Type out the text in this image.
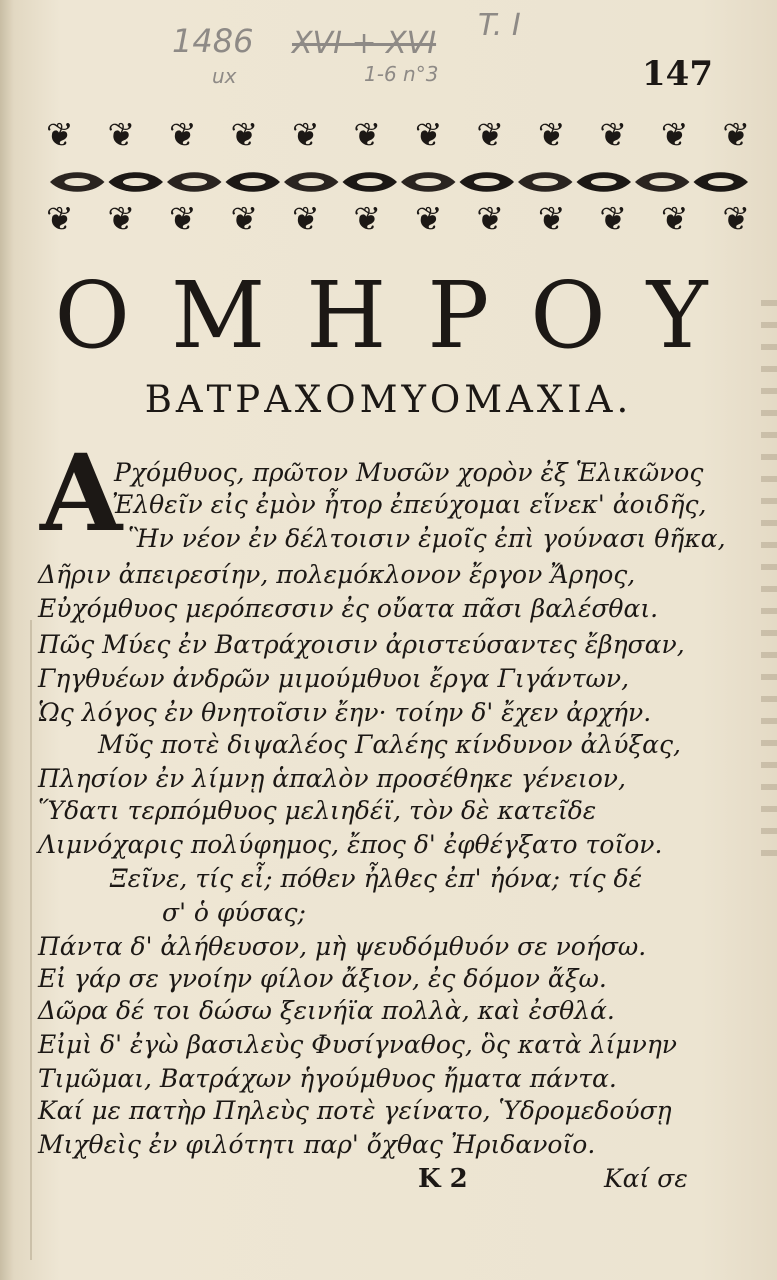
1486
ux
XVI + XVI
1-6 n°3
T. I
147
❦ ❦ ❦ ❦ ❦ ❦ ❦ ❦ ❦ ❦ ❦ ❦
❦ ❦ ❦ ❦ ❦ ❦ ❦ ❦ ❦ ❦ ❦ ❦
ΟΜΗΡΟΥ
ΒΑΤΡΑΧΟΜΥΟΜΑΧΙΑ.
Α
Ρχόμθυος, πρῶτον Μυσῶν χορὸν ἐξ Ἑλικῶνος
Ἐλθεῖν εἰς ἐμὸν ἦτορ ἐπεύχομαι εἵνεκ' ἀοιδῆς,
Ἣν νέον ἐν δέλτοισιν ἐμοῖς ἐπὶ γούνασι θῆκα,
Δῆριν ἀπειρεσίην, πολεμόκλονον ἔργον Ἄρηος,
Εὐχόμθυος μερόπεσσιν ἐς οὔατα πᾶσι βαλέσθαι.
Πῶς Μύες ἐν Βατράχοισιν ἀριστεύσαντες ἔβησαν,
Γηγθυέων ἀνδρῶν μιμούμθυοι ἔργα Γιγάντων,
Ὡς λόγος ἐν θνητοῖσιν ἔην· τοίην δ' ἔχεν ἀρχήν.
Μῦς ποτὲ διψαλέος Γαλέης κίνδυνον ἀλύξας,
Πλησίον ἐν λίμνῃ ἁπαλὸν προσέθηκε γένειον,
Ὕδατι τερπόμθυος μελιηδέϊ, τὸν δὲ κατεῖδε
Λιμνόχαρις πολύφημος, ἔπος δ' ἐφθέγξατο τοῖον.
Ξεῖνε, τίς εἶ; πόθεν ἦλθες ἐπ' ἠόνα; τίς δέ
σ' ὁ φύσας;
Πάντα δ' ἀλήθευσον, μὴ ψευδόμθυόν σε νοήσω.
Εἰ γάρ σε γνοίην φίλον ἄξιον, ἐς δόμον ἄξω.
Δῶρα δέ τοι δώσω ξεινήϊα πολλὰ, καὶ ἐσθλά.
Εἰμὶ δ' ἐγὼ βασιλεὺς Φυσίγναθος, ὃς κατὰ λίμνην
Τιμῶμαι, Βατράχων ἡγούμθυος ἤματα πάντα.
Καί με πατὴρ Πηλεὺς ποτὲ γείνατο, Ὑδρομεδούσῃ
Μιχθεὶς ἐν φιλότητι παρ' ὄχθας Ἠριδανοῖο.
K 2	Καί σε
